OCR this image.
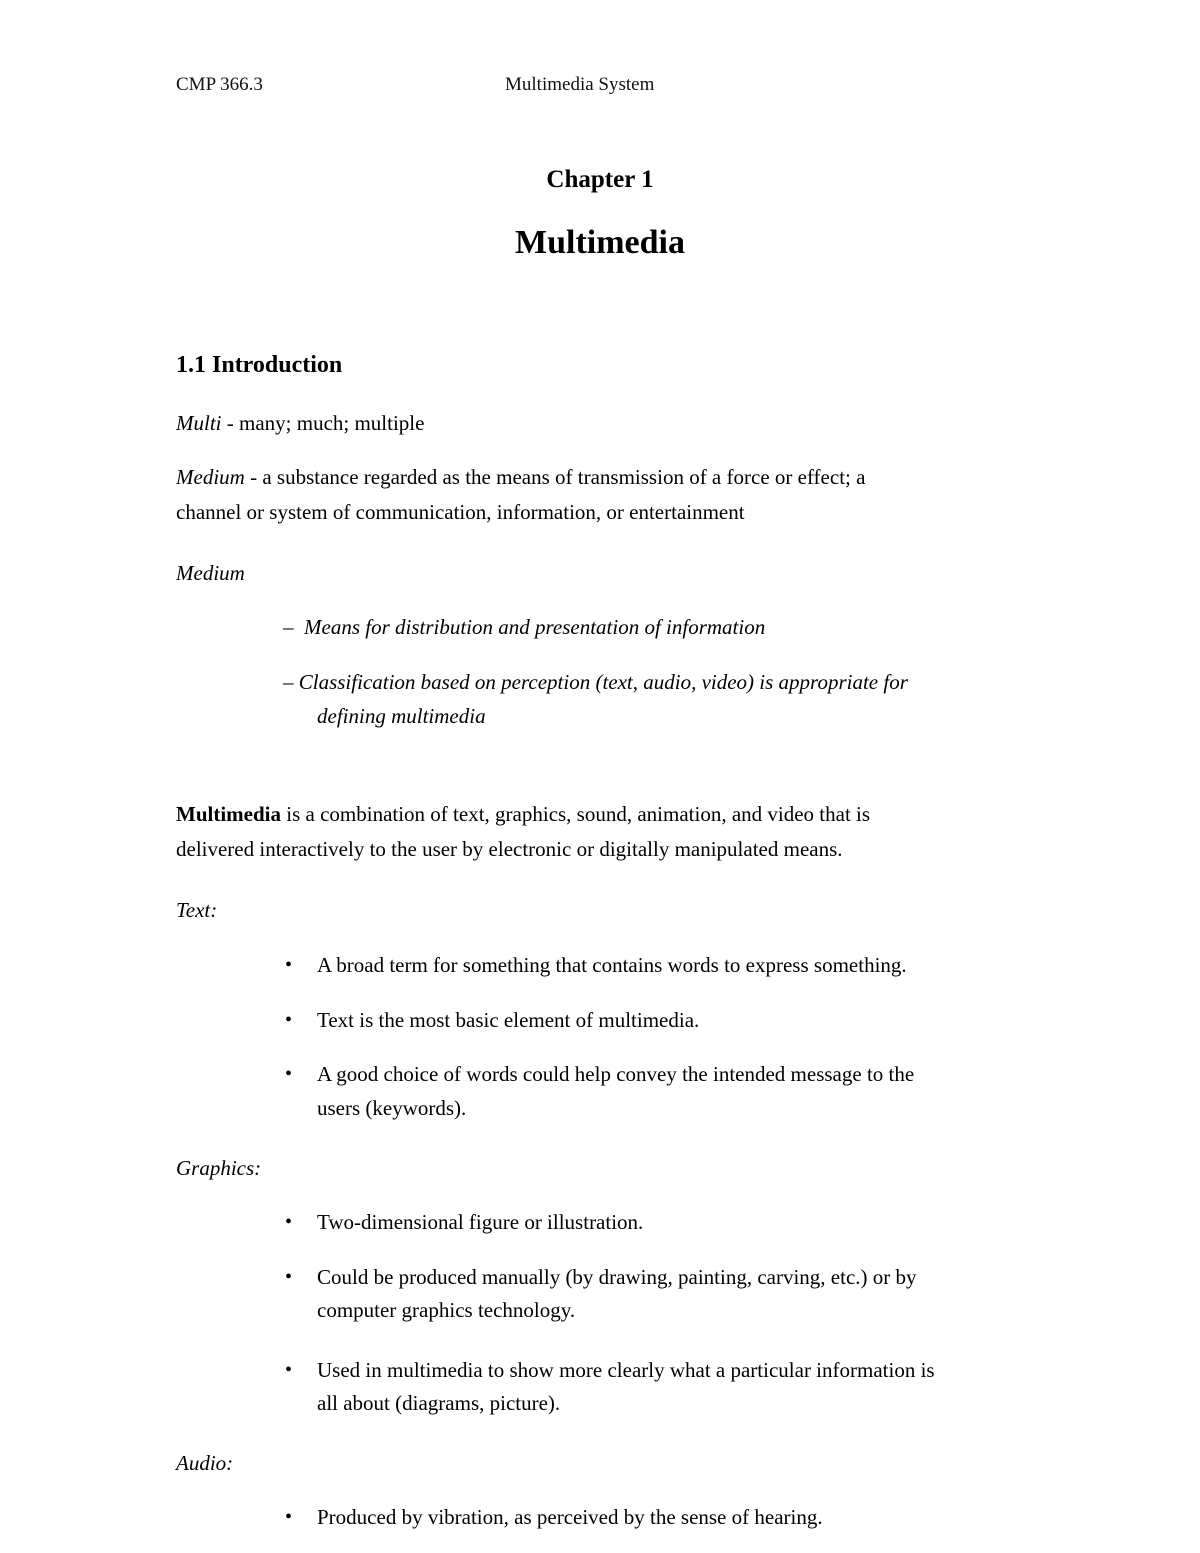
CMP 366.3	Multimedia System
Chapter 1
Multimedia
1.1 Introduction
Multi - many; much; multiple
Medium - a substance regarded as the means of transmission of a force or effect; a
channel or system of communication, information, or entertainment
Medium
– Means for distribution and presentation of information
– Classification based on perception (text, audio, video) is appropriate for
defining multimedia
Multimedia is a combination of text, graphics, sound, animation, and video that is
delivered interactively to the user by electronic or digitally manipulated means.
Text:
• A broad term for something that contains words to express something.
• Text is the most basic element of multimedia.
• A good choice of words could help convey the intended message to the
users (keywords).
Graphics:
• Two-dimensional figure or illustration.
• Could be produced manually (by drawing, painting, carving, etc.) or by
computer graphics technology.
• Used in multimedia to show more clearly what a particular information is
all about (diagrams, picture).
Audio:
• Produced by vibration, as perceived by the sense of hearing.
